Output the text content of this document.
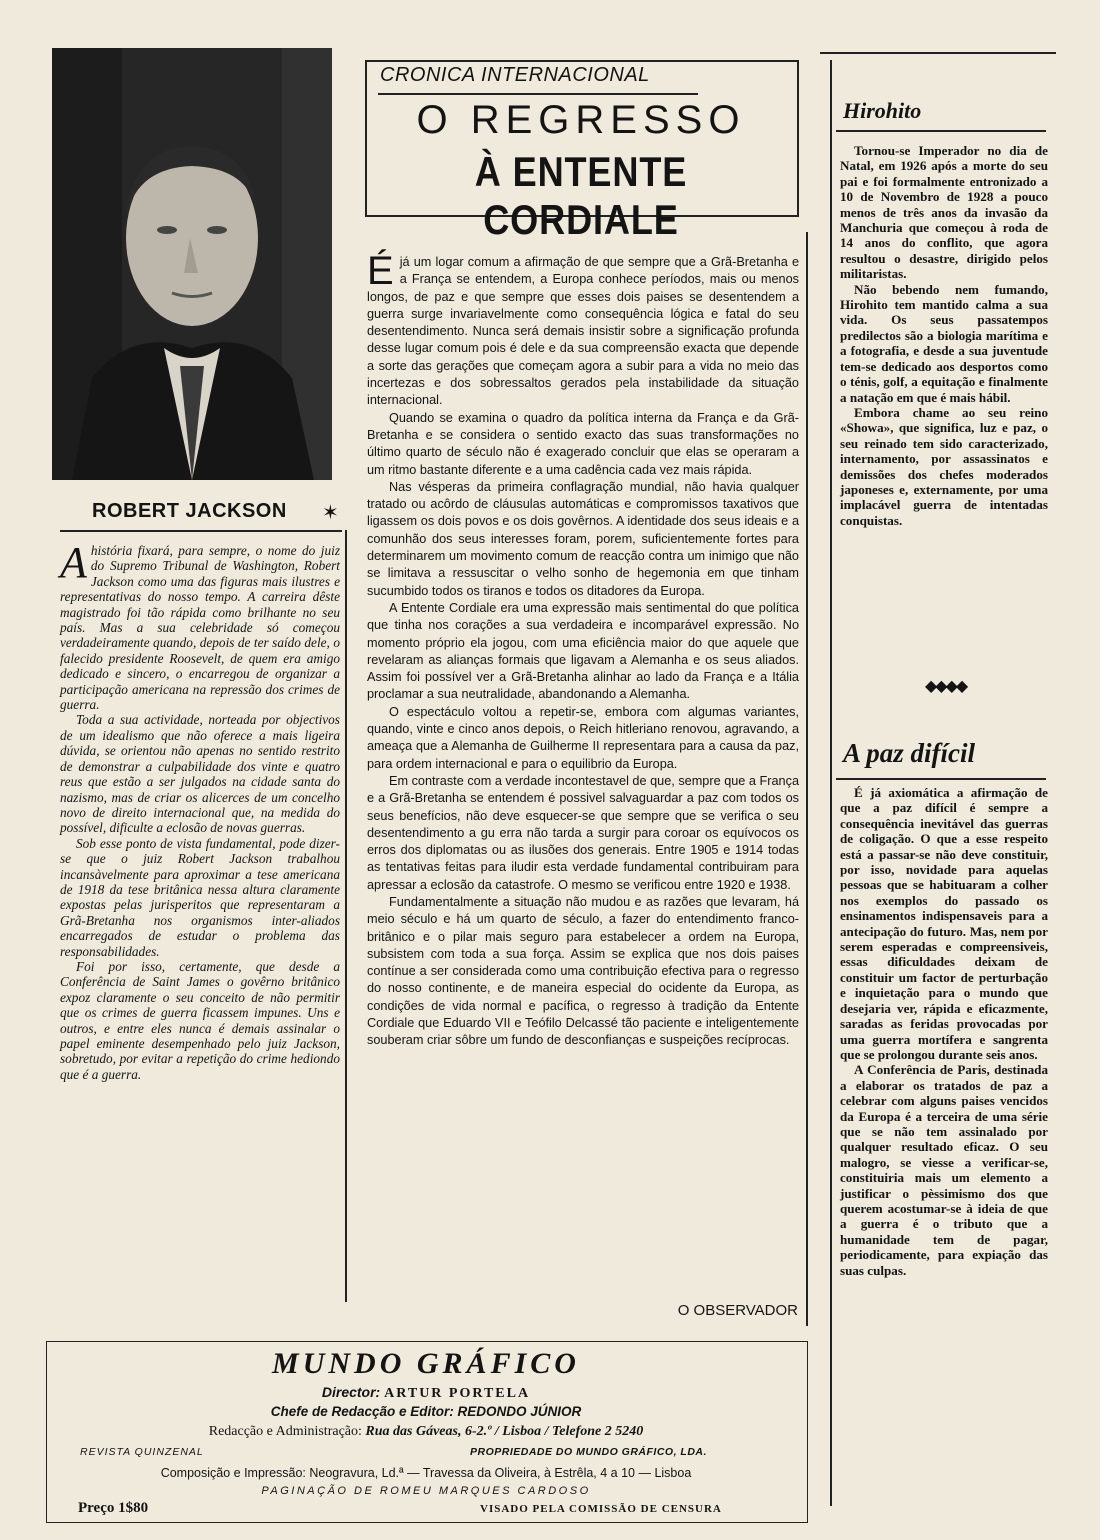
ROBERT JACKSON	✶

A história fixará, para sempre, o nome do juiz do Supremo Tribunal de Washington, Robert Jackson como uma das figuras mais ilustres e representativas do nosso tempo. A carreira dêste magistrado foi tão rápida como brilhante no seu país. Mas a sua celebridade só começou verdadeiramente quando, depois de ter saído dele, o falecido presidente Roosevelt, de quem era amigo dedicado e sincero, o encarregou de organizar a participação americana na repressão dos crimes de guerra.

Toda a sua actividade, norteada por objectivos de um idealismo que não oferece a mais ligeira dúvida, se orientou não apenas no sentido restrito de demonstrar a culpabilidade dos vinte e quatro reus que estão a ser julgados na cidade santa do nazismo, mas de criar os alicerces de um concelho novo de direito internacional que, na medida do possível, dificulte a eclosão de novas guerras.

Sob esse ponto de vista fundamental, pode dizer-se que o juiz Robert Jackson trabalhou incansàvelmente para aproximar a tese americana de 1918 da tese britânica nessa altura claramente expostas pelas jurisperitos que representaram a Grã-Bretanha nos organismos inter-aliados encarregados de estudar o problema das responsabilidades.

Foi por isso, certamente, que desde a Conferência de Saint James o govêrno britânico expoz claramente o seu conceito de não permitir que os crimes de guerra ficassem impunes. Uns e outros, e entre eles nunca é demais assinalar o papel eminente desempenhado pelo juiz Jackson, sobretudo, por evitar a repetição do crime hediondo que é a guerra.

CRONICA INTERNACIONAL
O REGRESSO
À ENTENTE CORDIALE

É já um logar comum a afirmação de que sempre que a Grã-Bretanha e a França se entendem, a Europa conhece períodos, mais ou menos longos, de paz e que sempre que esses dois paises se desentendem a guerra surge invariavelmente como consequência lógica e fatal do seu desentendimento. Nunca será demais insistir sobre a significação profunda desse lugar comum pois é dele e da sua compreensão exacta que depende a sorte das gerações que começam agora a subir para a vida no meio das incertezas e dos sobressaltos gerados pela instabilidade da situação internacional.

Quando se examina o quadro da política interna da França e da Grã-Bretanha e se considera o sentido exacto das suas transformações no último quarto de século não é exagerado concluir que elas se operaram a um ritmo bastante diferente e a uma cadência cada vez mais rápida.

Nas vésperas da primeira conflagração mundial, não havia qualquer tratado ou acôrdo de cláusulas automáticas e compromissos taxativos que ligassem os dois povos e os dois govêrnos. A identidade dos seus ideais e a comunhão dos seus interesses foram, porem, suficientemente fortes para determinarem um movimento comum de reacção contra um inimigo que não se limitava a ressuscitar o velho sonho de hegemonia em que tinham sucumbido todos os tiranos e todos os ditadores da Europa.

A Entente Cordiale era uma expressão mais sentimental do que política que tinha nos corações a sua verdadeira e incomparável expressão. No momento próprio ela jogou, com uma eficiência maior do que aquele que revelaram as alianças formais que ligavam a Alemanha e os seus aliados. Assim foi possível ver a Grã-Bretanha alinhar ao lado da França e a Itália proclamar a sua neutralidade, abandonando a Alemanha.

O espectáculo voltou a repetir-se, embora com algumas variantes, quando, vinte e cinco anos depois, o Reich hitleriano renovou, agravando, a ameaça que a Alemanha de Guilherme II representara para a causa da paz, para ordem internacional e para o equilibrio da Europa.

Em contraste com a verdade incontestavel de que, sempre que a França e a Grã-Bretanha se entendem é possivel salvaguardar a paz com todos os seus benefícios, não deve esquecer-se que sempre que se verifica o seu desentendimento a gu erra não tarda a surgir para coroar os equívocos os erros dos diplomatas ou as ilusões dos generais. Entre 1905 e 1914 todas as tentativas feitas para iludir esta verdade fundamental contribuiram para apressar a eclosão da catastrofe. O mesmo se verificou entre 1920 e 1938.

Fundamentalmente a situação não mudou e as razões que levaram, há meio século e há um quarto de século, a fazer do entendimento franco-britânico e o pilar mais seguro para estabelecer a ordem na Europa, subsistem com toda a sua força. Assim se explica que nos dois paises contínue a ser considerada como uma contribuição efectiva para o regresso do nosso continente, e de maneira especial do ocidente da Europa, as condições de vida normal e pacífica, o regresso à tradição da Entente Cordiale que Eduardo VII e Teófilo Delcassé tão paciente e inteligentemente souberam criar sôbre um fundo de desconfianças e suspeições recíprocas.

O OBSERVADOR
Hirohito

Tornou-se Imperador no dia de Natal, em 1926 após a morte do seu pai e foi formalmente entronizado a 10 de Novembro de 1928 a pouco menos de três anos da invasão da Manchuria que começou à roda de 14 anos do conflito, que agora resultou o desastre, dirigido pelos militaristas.

Não bebendo nem fumando, Hirohito tem mantido calma a sua vida. Os seus passatempos predilectos são a biologia marítima e a fotografia, e desde a sua juventude tem-se dedicado aos desportos como o ténis, golf, a equitação e finalmente a natação em que é mais hábil.

Embora chame ao seu reino «Showa», que significa, luz e paz, o seu reinado tem sido caracterizado, internamento, por assassinatos e demissões dos chefes moderados japoneses e, externamente, por uma implacável guerra de intentadas conquistas.

◆◆◆◆
A paz difícil

É já axiomática a afirmação de que a paz difícil é sempre a consequência inevitável das guerras de coligação. O que a esse respeito está a passar-se não deve constituir, por isso, novidade para aquelas pessoas que se habituaram a colher nos exemplos do passado os ensinamentos indispensaveis para a antecipação do futuro. Mas, nem por serem esperadas e compreensiveis, essas dificuldades deixam de constituir um factor de perturbação e inquietação para o mundo que desejaria ver, rápida e eficazmente, saradas as feridas provocadas por uma guerra mortífera e sangrenta que se prolongou durante seis anos.

A Conferência de Paris, destinada a elaborar os tratados de paz a celebrar com alguns paises vencidos da Europa é a terceira de uma série que se não tem assinalado por qualquer resultado eficaz. O seu malogro, se viesse a verificar-se, constituiria mais um elemento a justificar o pèssimismo dos que querem acostumar-se à ideia de que a guerra é o tributo que a humanidade tem de pagar, periodicamente, para expiação das suas culpas.

MUNDO GRÁFICO
Director: ARTUR PORTELA
Chefe de Redacção e Editor: REDONDO JÚNIOR
Redacção e Administração: Rua das Gáveas, 6-2.º / Lisboa / Telefone 2 5240
REVISTA QUINZENAL	PROPRIEDADE DO MUNDO GRÁFICO, LDA.
Composição e Impressão: Neogravura, Ld.ª — Travessa da Oliveira, à Estrêla, 4 a 10 — Lisboa
PAGINAÇÃO DE ROMEU MARQUES CARDOSO
Preço 1$80	VISADO PELA COMISSÃO DE CENSURA
